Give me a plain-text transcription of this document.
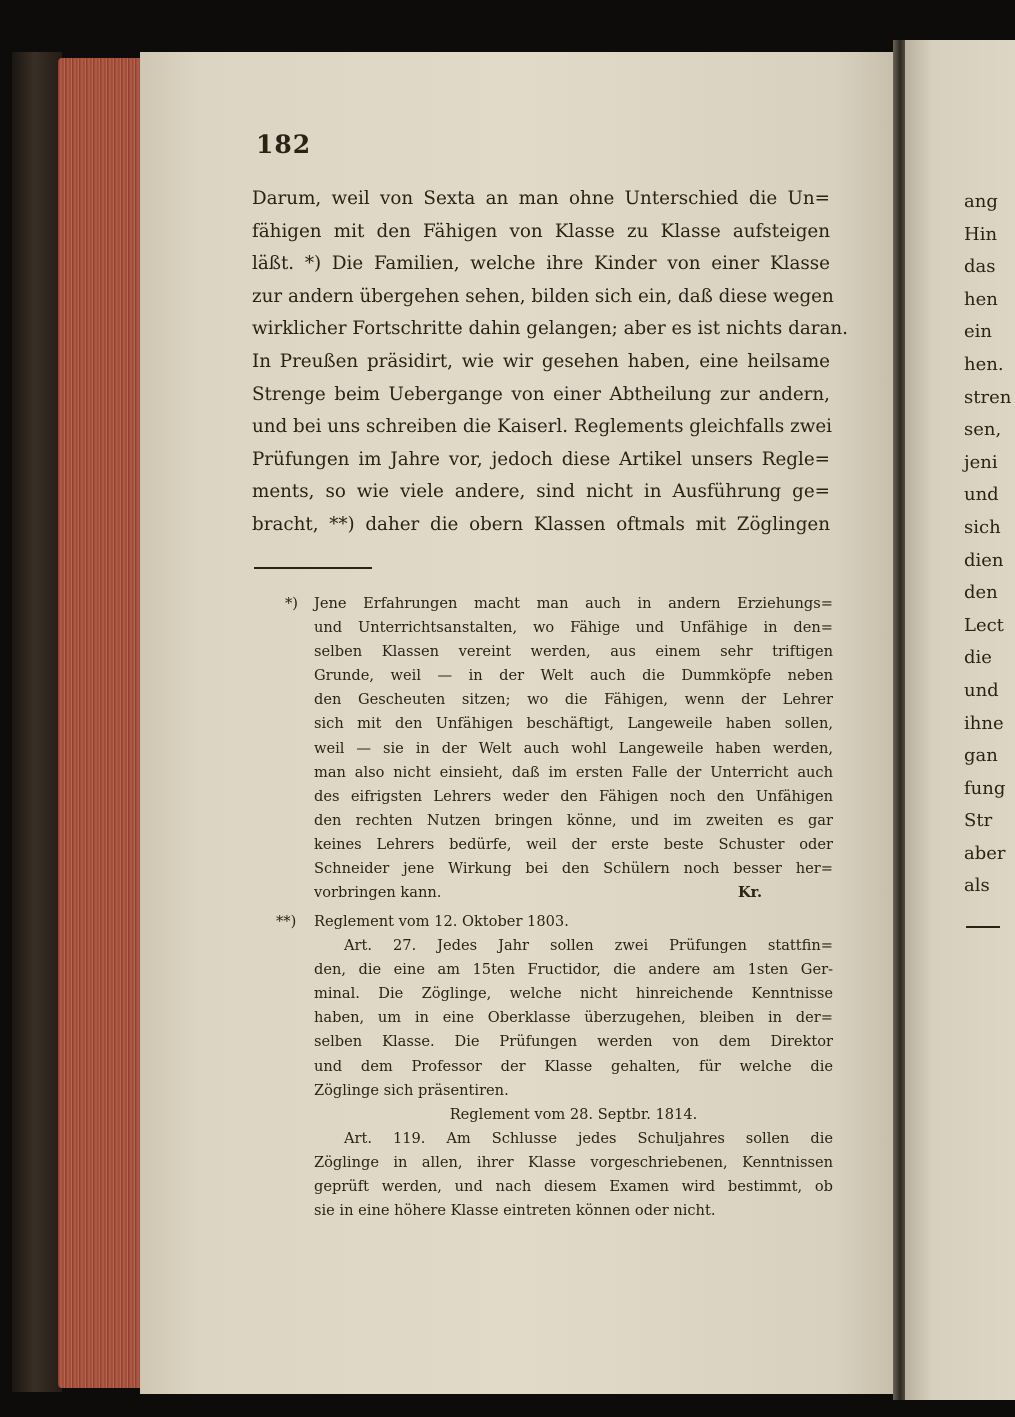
182
Darum, weil von Sexta an man ohne Unterschied die Un=
fähigen mit den Fähigen von Klasse zu Klasse aufsteigen
läßt. *) Die Familien, welche ihre Kinder von einer Klasse
zur andern übergehen sehen, bilden sich ein, daß diese wegen
wirklicher Fortschritte dahin gelangen; aber es ist nichts daran.
In Preußen präsidirt, wie wir gesehen haben, eine heilsame
Strenge beim Uebergange von einer Abtheilung zur andern,
und bei uns schreiben die Kaiserl. Reglements gleichfalls zwei
Prüfungen im Jahre vor, jedoch diese Artikel unsers Regle=
ments, so wie viele andere, sind nicht in Ausführung ge=
bracht, **) daher die obern Klassen oftmals mit Zöglingen
*) Jene Erfahrungen macht man auch in andern Erziehungs=
und Unterrichtsanstalten, wo Fähige und Unfähige in den=
selben Klassen vereint werden, aus einem sehr triftigen
Grunde, weil — in der Welt auch die Dummköpfe neben
den Gescheuten sitzen; wo die Fähigen, wenn der Lehrer
sich mit den Unfähigen beschäftigt, Langeweile haben sollen,
weil — sie in der Welt auch wohl Langeweile haben werden,
man also nicht einsieht, daß im ersten Falle der Unterricht auch
des eifrigsten Lehrers weder den Fähigen noch den Unfähigen
den rechten Nutzen bringen könne, und im zweiten es gar
keines Lehrers bedürfe, weil der erste beste Schuster oder
Schneider jene Wirkung bei den Schülern noch besser her=
vorbringen kann.	Kr.
**) Reglement vom 12. Oktober 1803.
Art. 27. Jedes Jahr sollen zwei Prüfungen stattfin=
den, die eine am 15ten Fructidor, die andere am 1sten Ger-
minal. Die Zöglinge, welche nicht hinreichende Kenntnisse
haben, um in eine Oberklasse überzugehen, bleiben in der=
selben Klasse. Die Prüfungen werden von dem Direktor
und dem Professor der Klasse gehalten, für welche die
Zöglinge sich präsentiren.
Reglement vom 28. Septbr. 1814.
Art. 119. Am Schlusse jedes Schuljahres sollen die
Zöglinge in allen, ihrer Klasse vorgeschriebenen, Kenntnissen
geprüft werden, und nach diesem Examen wird bestimmt, ob
sie in eine höhere Klasse eintreten können oder nicht.
ang
Hin
das
hen
ein
hen.
stren
sen,
jeni
und
sich
dien
den
Lect
die
und
ihne
gan
fung
Str
aber
als
